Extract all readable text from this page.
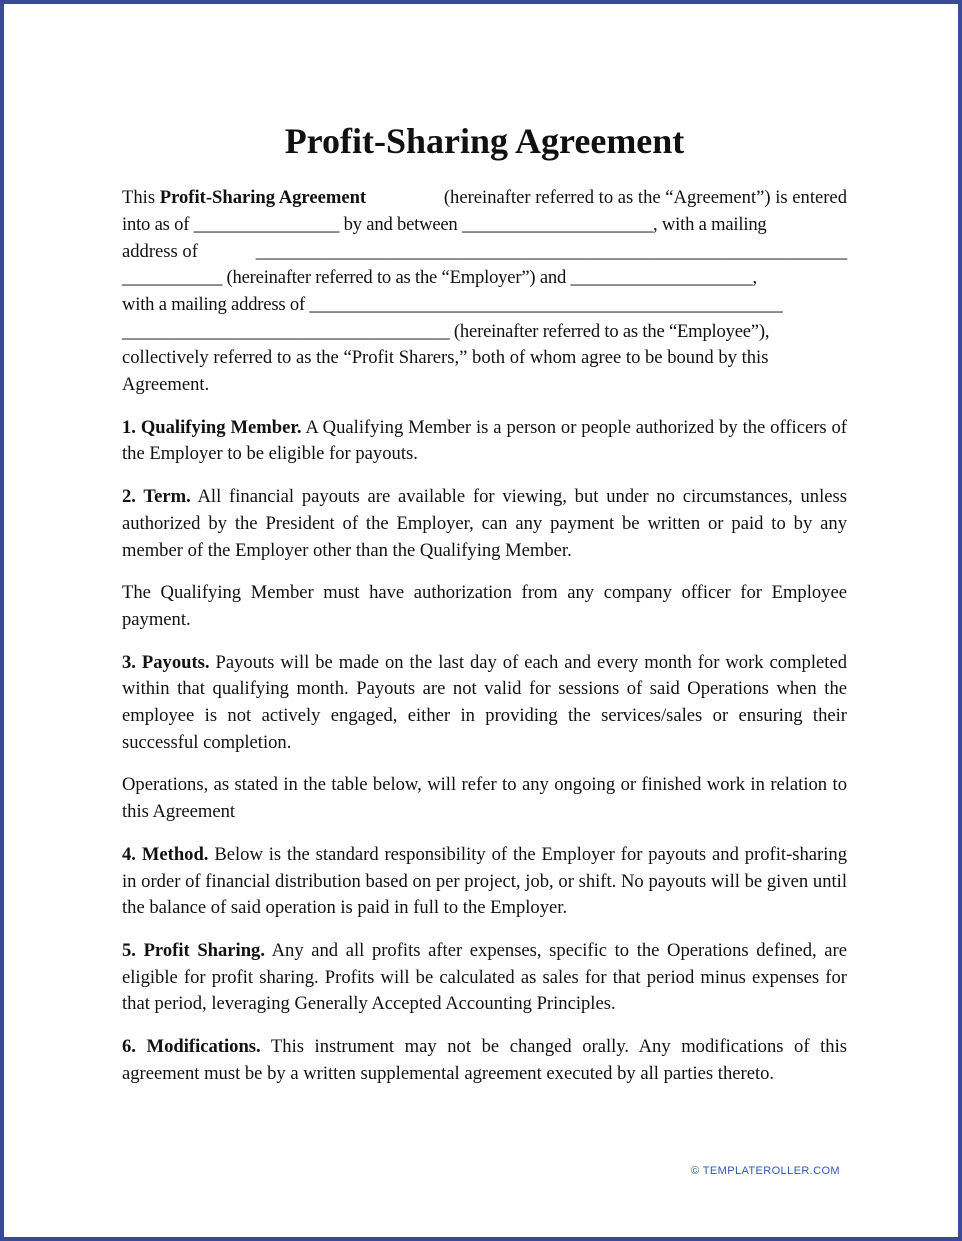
Profit-Sharing Agreement
This Profit-Sharing Agreement	(hereinafter referred to as the “Agreement”) is entered
into as of ________________ by and between _____________________, with a mailing
address of	_________________________________________________________________
___________ (hereinafter referred to as the “Employer”) and ____________________,
with a mailing address of ____________________________________________________
____________________________________ (hereinafter referred to as the “Employee”),
collectively referred to as the “Profit Sharers,” both of whom agree to be bound by this
Agreement.

1. Qualifying Member. A Qualifying Member is a person or people authorized by the officers of the Employer to be eligible for payouts.

2. Term. All financial payouts are available for viewing, but under no circumstances, unless authorized by the President of the Employer, can any payment be written or paid to by any member of the Employer other than the Qualifying Member.

The Qualifying Member must have authorization from any company officer for Employee payment.

3. Payouts. Payouts will be made on the last day of each and every month for work completed within that qualifying month. Payouts are not valid for sessions of said Operations when the employee is not actively engaged, either in providing the services/sales or ensuring their successful completion.

Operations, as stated in the table below, will refer to any ongoing or finished work in relation to this Agreement

4. Method. Below is the standard responsibility of the Employer for payouts and profit-sharing in order of financial distribution based on per project, job, or shift. No payouts will be given until the balance of said operation is paid in full to the Employer.

5. Profit Sharing. Any and all profits after expenses, specific to the Operations defined, are eligible for profit sharing. Profits will be calculated as sales for that period minus expenses for that period, leveraging Generally Accepted Accounting Principles.

6. Modifications. This instrument may not be changed orally. Any modifications of this agreement must be by a written supplemental agreement executed by all parties thereto.

© TEMPLATEROLLER.COM
